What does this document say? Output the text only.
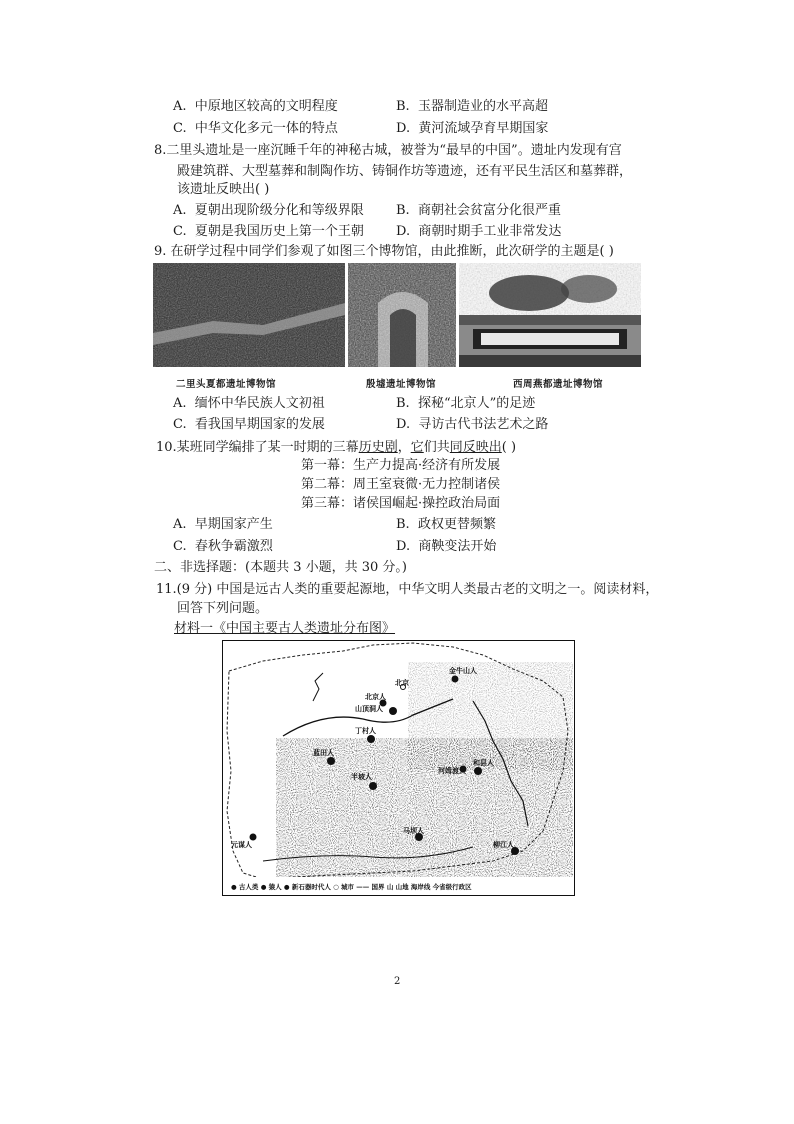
A. 中原地区较高的文明程度	B. 玉器制造业的水平高超
C. 中华文化多元一体的特点	D. 黄河流域孕育早期国家
8.二里头遗址是一座沉睡千年的神秘古城，被誉为“最早的中国”。遗址内发现有宫
殿建筑群、大型墓葬和制陶作坊、铸铜作坊等遗迹，还有平民生活区和墓葬群，
该遗址反映出( )
A. 夏朝出现阶级分化和等级界限 B. 商朝社会贫富分化很严重
C. 夏朝是我国历史上第一个王朝 D. 商朝时期手工业非常发达
9. 在研学过程中同学们参观了如图三个博物馆，由此推断，此次研学的主题是( )
二里头夏都遗址博物馆	殷墟遗址博物馆	西周燕都遗址博物馆
A. 缅怀中华民族人文初祖	B. 探秘“北京人”的足迹
C. 看我国早期国家的发展	D. 寻访古代书法艺术之路
10.某班同学编排了某一时期的三幕历史剧，它们共同反映出( )
第一幕：生产力提高·经济有所发展
第二幕：周王室衰微·无力控制诸侯
第三幕：诸侯国崛起·操控政治局面
A. 早期国家产生	B. 政权更替频繁
C. 春秋争霸激烈	D. 商鞅变法开始
二、非选择题：(本题共 3 小题，共 30 分。)
11.(9 分) 中国是远古人类的重要起源地，中华文明人类最古老的文明之一。阅读材料，
回答下列问题。
材料一《中国主要古人类遗址分布图》
北京
北京人
山顶洞人
丁村人
蓝田人
半坡人
河姆渡人
元谋人
马坝人
柳江人
金牛山人
和县人
● 古人类 ● 猿人 ● 新石器时代人 ○ 城市 —— 国界 山 山地 海岸线 今省级行政区
2
